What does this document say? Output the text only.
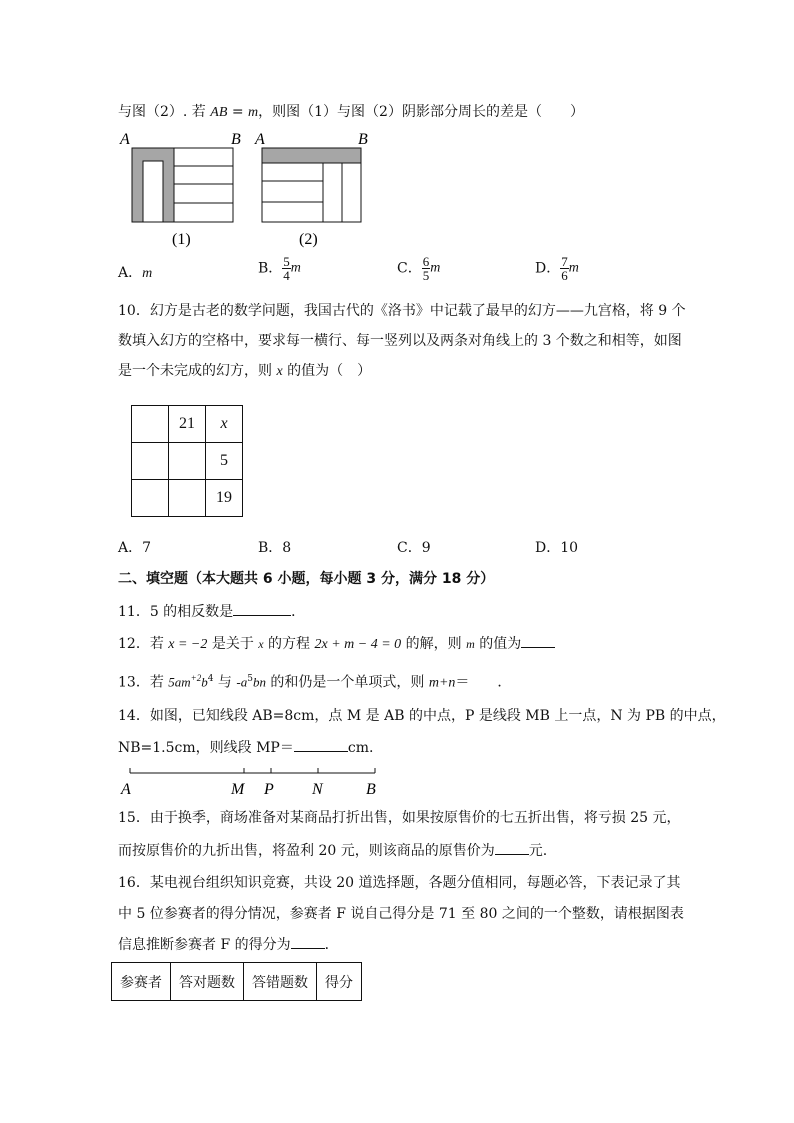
与图（2）. 若 AB = m，则图（1）与图（2）阴影部分周长的差是（　　）
A	B
(1)
A	B
(2)
A．m	B． $\frac{5}{4}$ m	C． $\frac{6}{5}$ m	D． $\frac{7}{6}$ m
10．幻方是古老的数学问题，我国古代的《洛书》中记载了最早的幻方——九宫格，将 9 个
数填入幻方的空格中，要求每一横行、每一竖列以及两条对角线上的 3 个数之和相等，如图
是一个未完成的幻方，则 x 的值为（　）
	21	x
		5
		19
A．7	B．8	C．9	D．10
二、填空题（本大题共 6 小题，每小题 3 分，满分 18 分）
11．5 的相反数是	．
12．若 x = −2 是关于 x 的方程 2x + m − 4 = 0 的解，则 m 的值为
13．若 $5am^{+2}b^4$ 与 $-a^5bn$ 的和仍是一个单项式，则 m+n＝　　．
14．如图，已知线段 AB=8cm，点 M 是 AB 的中点，P 是线段 MB 上一点，N 为 PB 的中点，
NB=1.5cm，则线段 MP＝	cm.
A	M P N	B
15．由于换季，商场准备对某商品打折出售，如果按原售价的七五折出售，将亏损 25 元，
而按原售价的九折出售，将盈利 20 元，则该商品的原售价为 元.
16．某电视台组织知识竞赛，共设 20 道选择题，各题分值相同，每题必答，下表记录了其
中 5 位参赛者的得分情况，参赛者 F 说自己得分是 71 至 80 之间的一个整数，请根据图表
信息推断参赛者 F 的得分为 ．
参赛者	答对题数	答错题数	得分
